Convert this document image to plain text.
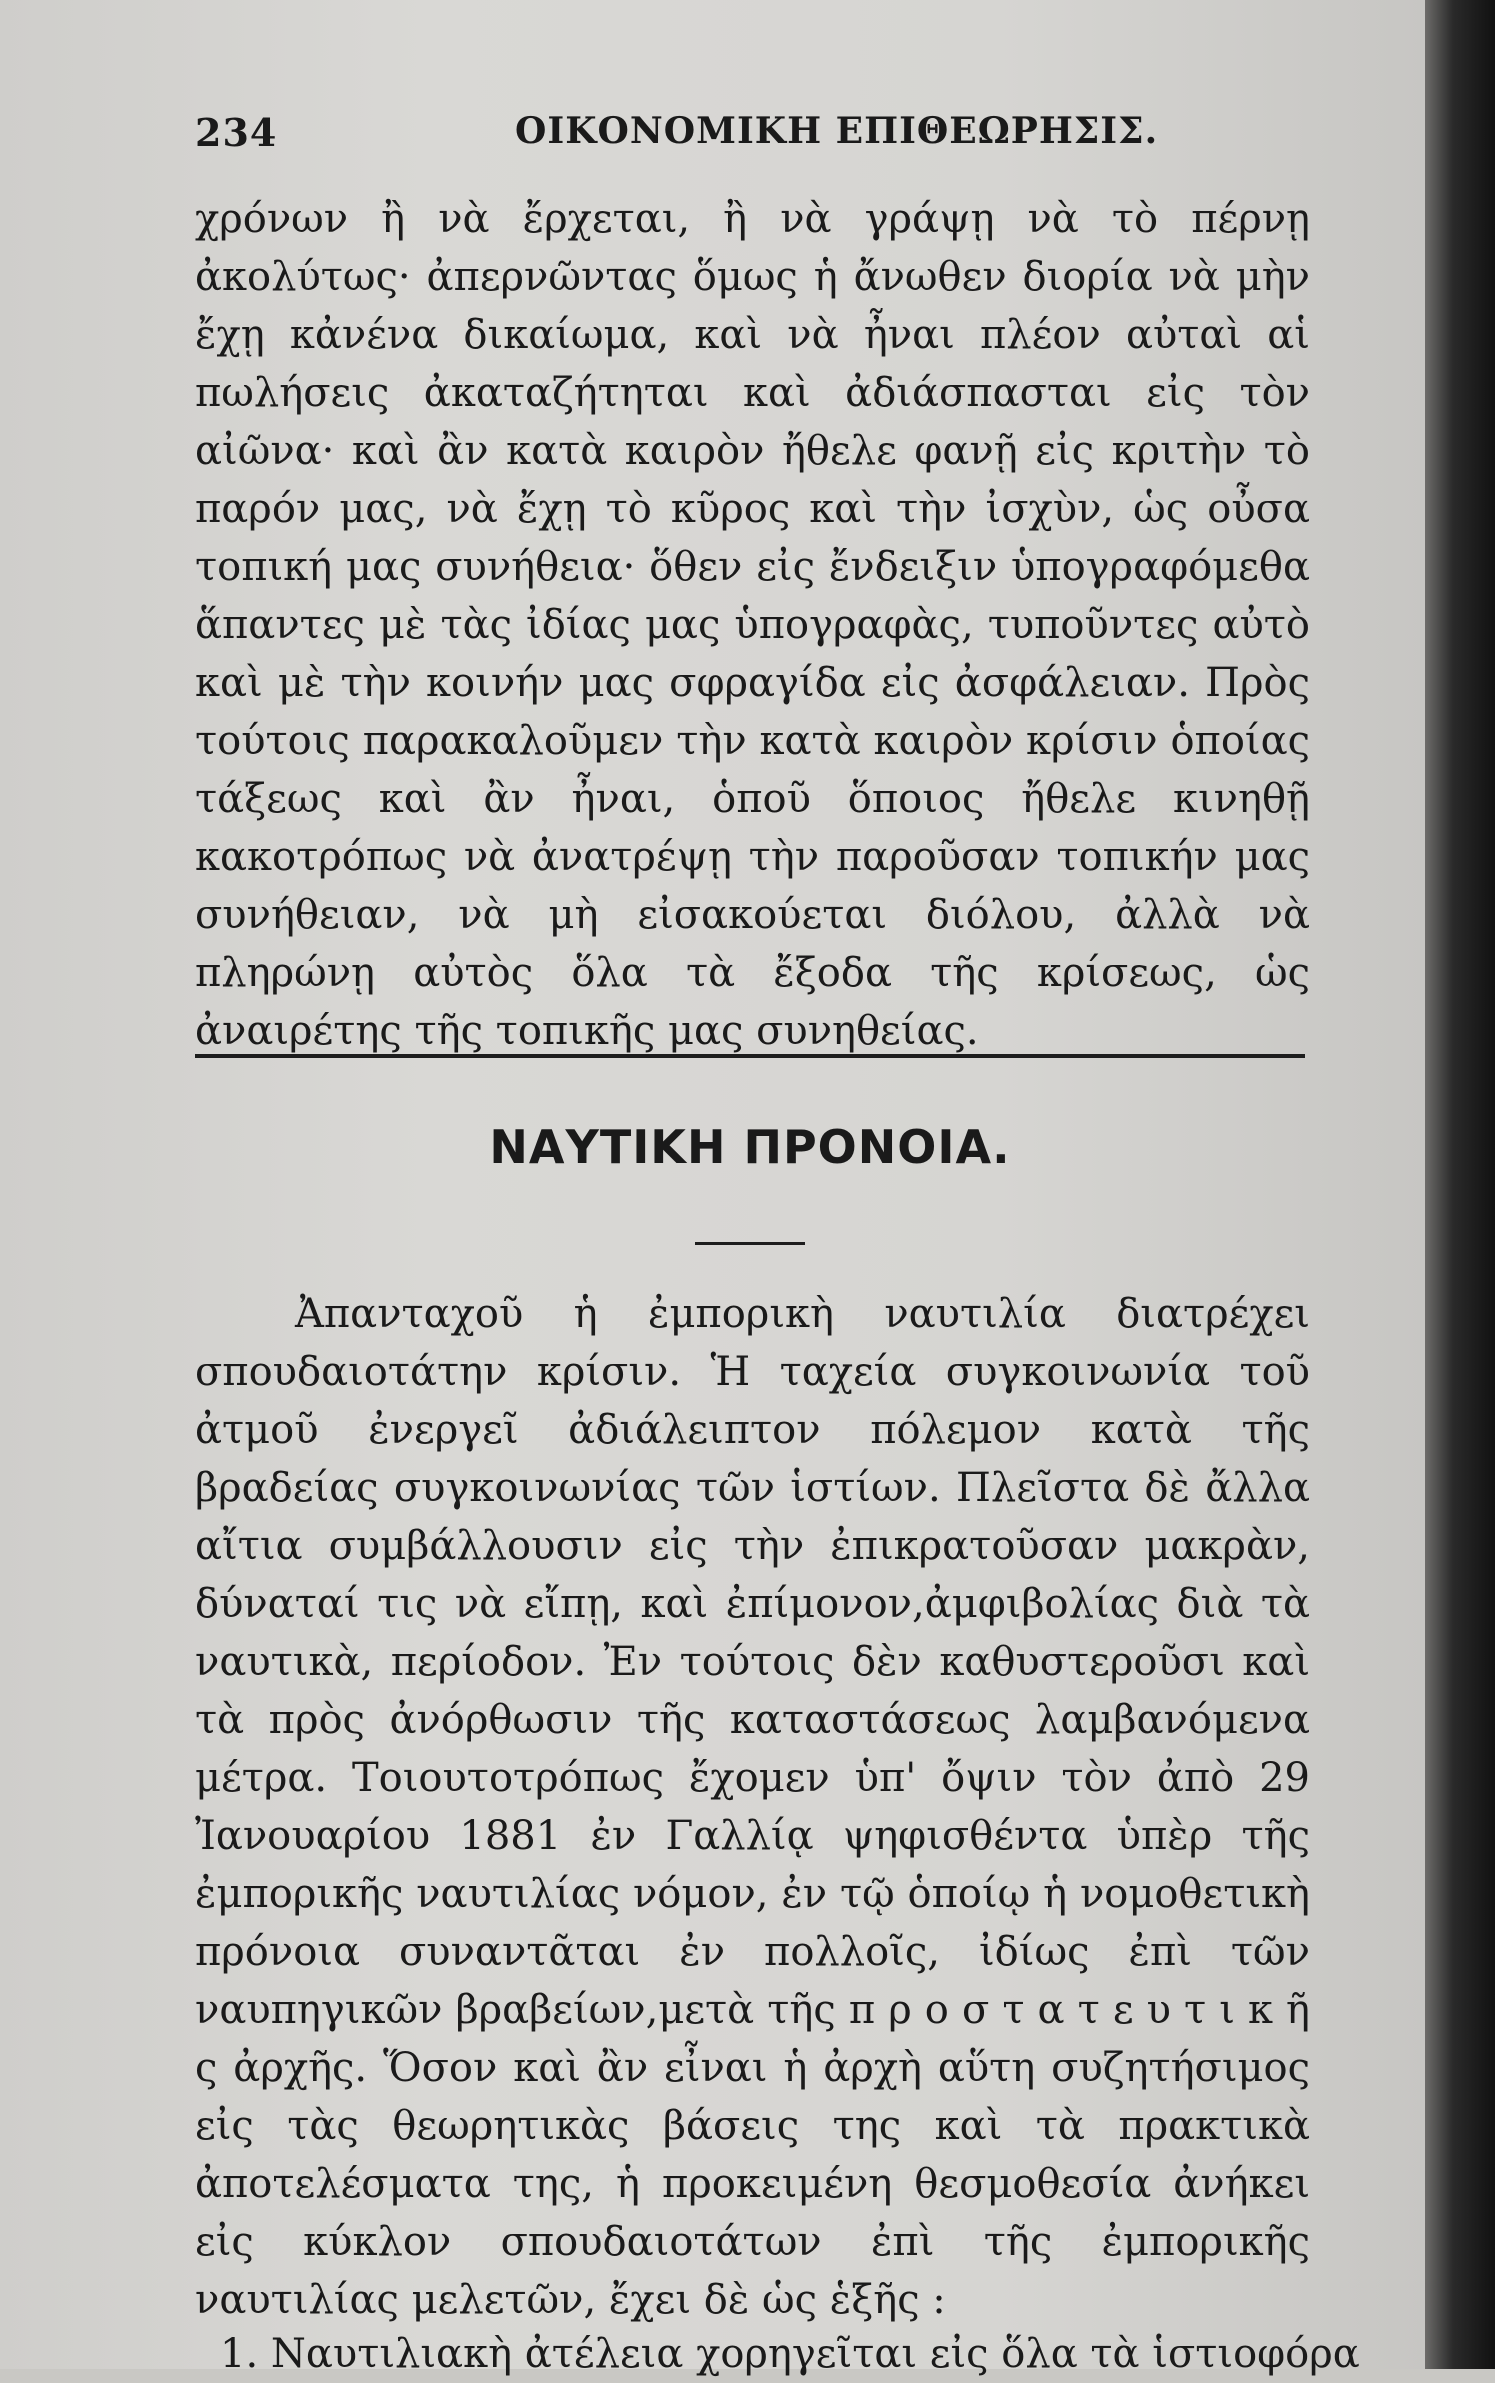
234	ΟΙΚΟΝΟΜΙΚΗ ΕΠΙΘΕΩΡΗΣΙΣ.

χρόνων ἢ νὰ ἔρχεται, ἢ νὰ γράψῃ νὰ τὸ πέρνῃ ἀκολύτως· ἀπερνῶντας ὅμως ἡ ἄνωθεν διορία νὰ μὴν ἔχῃ κἀνένα δικαίωμα, καὶ νὰ ἦναι πλέον αὐταὶ αἱ πωλήσεις ἀκαταζήτηται καὶ ἀδιάσπασται εἰς τὸν αἰῶνα· καὶ ἂν κατὰ καιρὸν ἤθελε φανῇ εἰς κριτὴν τὸ παρόν μας, νὰ ἔχῃ τὸ κῦρος καὶ τὴν ἰσχὺν, ὡς οὖσα τοπική μας συνήθεια· ὅθεν εἰς ἔνδειξιν ὑπογραφόμεθα ἅπαντες μὲ τὰς ἰδίας μας ὑπογραφὰς, τυποῦντες αὐτὸ καὶ μὲ τὴν κοινήν μας σφραγίδα εἰς ἀσφάλειαν. Πρὸς τούτοις παρακαλοῦμεν τὴν κατὰ καιρὸν κρίσιν ὁποίας τάξεως καὶ ἂν ἦναι, ὁποῦ ὅποιος ἤθελε κινηθῇ κακοτρόπως νὰ ἀνατρέψῃ τὴν παροῦσαν τοπικήν μας συνήθειαν, νὰ μὴ εἰσακούεται διόλου, ἀλλὰ νὰ πληρώνῃ αὐτὸς ὅλα τὰ ἔξοδα τῆς κρίσεως, ὡς ἀναιρέτης τῆς τοπικῆς μας συνηθείας.

ΝΑΥΤΙΚΗ ΠΡΟΝΟΙΑ.

Ἀπανταχοῦ ἡ ἐμπορικὴ ναυτιλία διατρέχει σπουδαιοτάτην κρίσιν. Ἡ ταχεία συγκοινωνία τοῦ ἀτμοῦ ἐνεργεῖ ἀδιάλειπτον πόλεμον κατὰ τῆς βραδείας συγκοινωνίας τῶν ἱστίων. Πλεῖστα δὲ ἄλλα αἴτια συμβάλλουσιν εἰς τὴν ἐπικρατοῦσαν μακρὰν, δύναταί τις νὰ εἴπῃ, καὶ ἐπίμονον,ἀμφιβολίας διὰ τὰ ναυτικὰ, περίοδον. Ἐν τούτοις δὲν καθυστεροῦσι καὶ τὰ πρὸς ἀνόρθωσιν τῆς καταστάσεως λαμβανόμενα μέτρα. Τοιουτοτρόπως ἔχομεν ὑπ' ὄψιν τὸν ἀπὸ 29 Ἰανουαρίου 1881 ἐν Γαλλίᾳ ψηφισθέντα ὑπὲρ τῆς ἐμπορικῆς ναυτιλίας νόμον, ἐν τῷ ὁποίῳ ἡ νομοθετικὴ πρόνοια συναντᾶται ἐν πολλοῖς, ἰδίως ἐπὶ τῶν ναυπηγικῶν βραβείων,μετὰ τῆς π ρ ο σ τ α τ ε υ τ ι κ ῆ ς ἀρχῆς. Ὅσον καὶ ἂν εἶναι ἡ ἀρχὴ αὕτη συζητήσιμος εἰς τὰς θεωρητικὰς βάσεις της καὶ τὰ πρακτικὰ ἀποτελέσματα της, ἡ προκειμένη θεσμοθεσία ἀνήκει εἰς κύκλον σπουδαιοτάτων ἐπὶ τῆς ἐμπορικῆς ναυτιλίας μελετῶν, ἔχει δὲ ὡς ἑξῆς :

1. Ναυτιλιακὴ ἀτέλεια χορηγεῖται εἰς ὅλα τὰ ἱστιοφόρα
